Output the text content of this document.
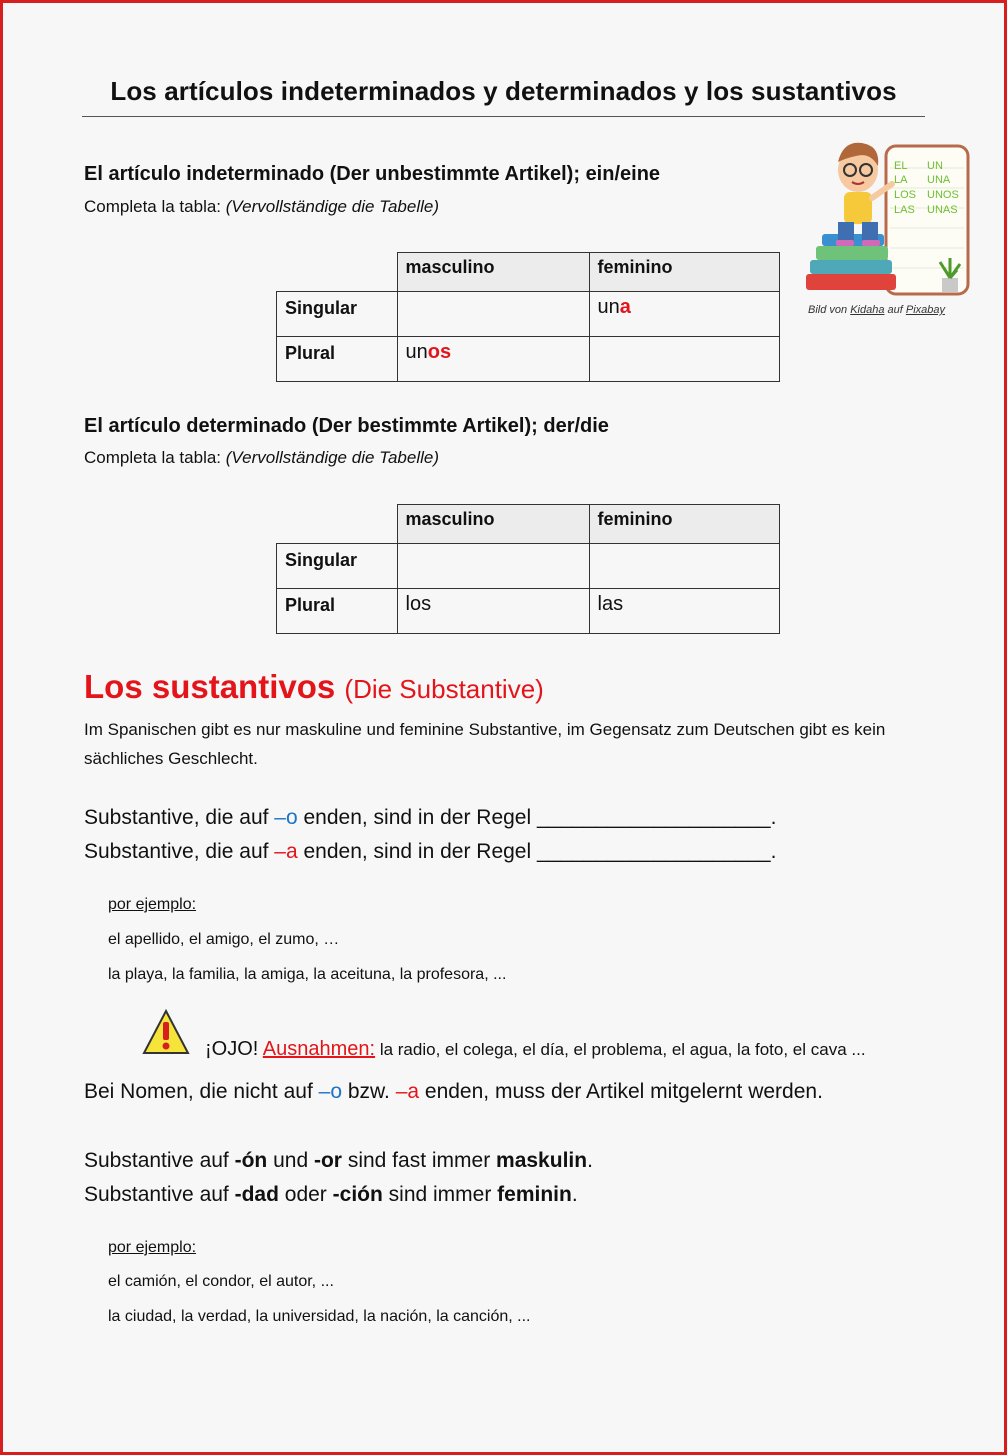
Los artículos indeterminados y determinados y los sustantivos
El artículo indeterminado (Der unbestimmte Artikel); ein/eine
Completa la tabla: (Vervollständige die Tabelle)
	masculino	feminino
Singular		una
Plural	unos	
EL
LA
LOS
LAS
UN
UNA
UNOS
UNAS
Bild von Kidaha auf Pixabay
El artículo determinado (Der bestimmte Artikel); der/die
Completa la tabla: (Vervollständige die Tabelle)
	masculino	feminino
Singular		
Plural	los	las
Los sustantivos (Die Substantive)
Im Spanischen gibt es nur maskuline und feminine Substantive, im Gegensatz zum Deutschen gibt es kein sächliches Geschlecht.
Substantive, die auf –o enden, sind in der Regel ____________________.
Substantive, die auf –a enden, sind in der Regel ____________________.
por ejemplo:
el apellido, el amigo, el zumo, …
la playa, la familia, la amiga, la aceituna, la profesora, ...
¡OJO! Ausnahmen: la radio, el colega, el día, el problema, el agua, la foto, el cava ...
Bei Nomen, die nicht auf –o bzw. –a enden, muss der Artikel mitgelernt werden.
Substantive auf -ón und -or sind fast immer maskulin.
Substantive auf -dad oder -ción sind immer feminin.
por ejemplo:
el camión, el condor, el autor, ...
la ciudad, la verdad, la universidad, la nación, la canción, ...
